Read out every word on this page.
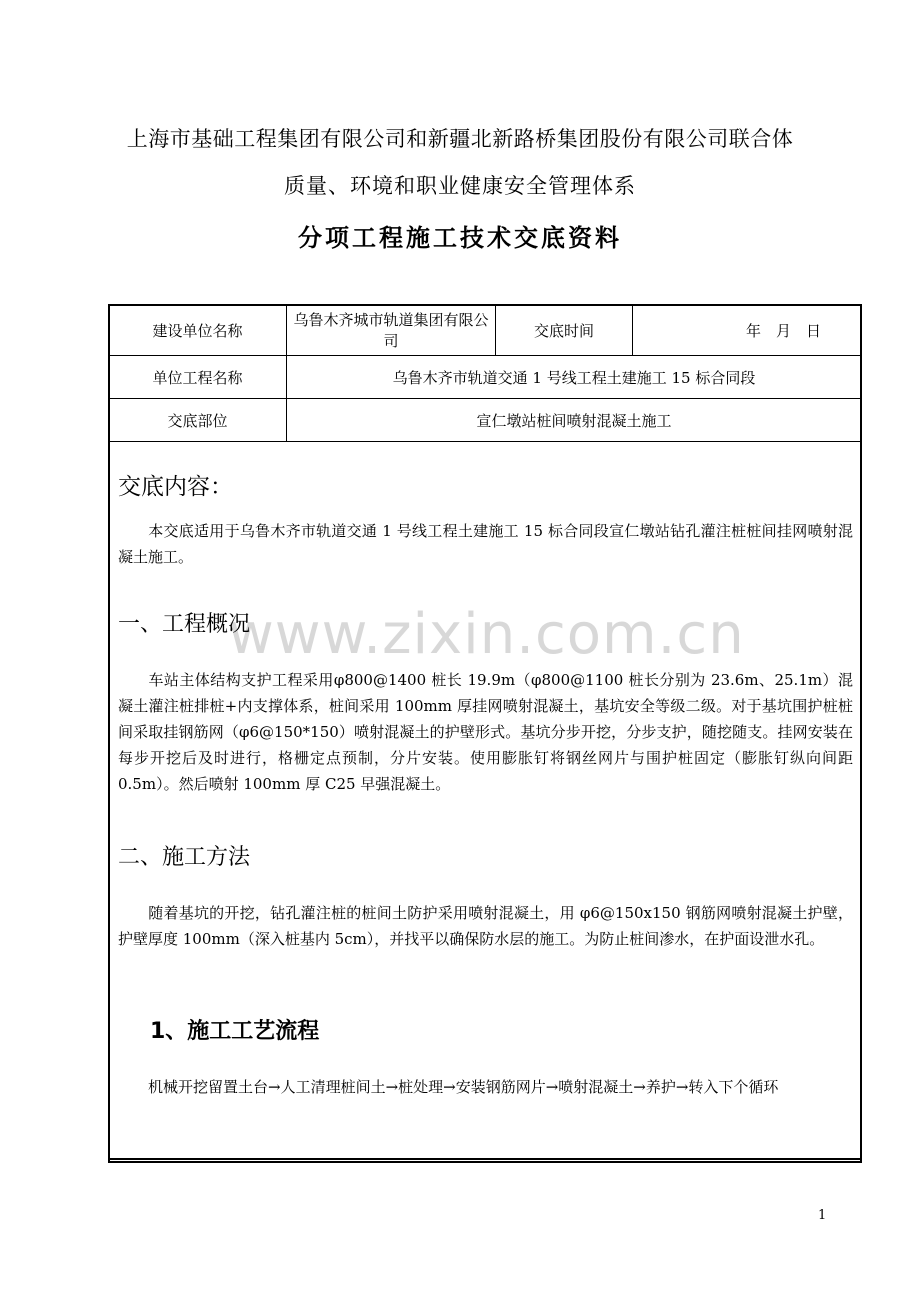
上海市基础工程集团有限公司和新疆北新路桥集团股份有限公司联合体
质量、环境和职业健康安全管理体系
分项工程施工技术交底资料
建设单位名称	乌鲁木齐城市轨道集团有限公司	交底时间	年　月　日
单位工程名称	乌鲁木齐市轨道交通 1 号线工程土建施工 15 标合同段		
交底部位	宣仁墩站桩间喷射混凝土施工		
www.zixin.com.cn
交底内容：
本交底适用于乌鲁木齐市轨道交通 1 号线工程土建施工 15 标合同段宣仁墩站钻孔灌注桩桩间挂网喷射混凝土施工。
一、工程概况
车站主体结构支护工程采用φ800@1400 桩长 19.9m（φ800@1100 桩长分别为 23.6m、25.1m）混凝土灌注桩排桩+内支撑体系，桩间采用 100mm 厚挂网喷射混凝土，基坑安全等级二级。对于基坑围护桩桩间采取挂钢筋网（φ6@150*150）喷射混凝土的护壁形式。基坑分步开挖，分步支护，随挖随支。挂网安装在每步开挖后及时进行，格栅定点预制，分片安装。使用膨胀钉将钢丝网片与围护桩固定（膨胀钉纵向间距 0.5m）。然后喷射 100mm 厚 C25 早强混凝土。
二、施工方法
随着基坑的开挖，钻孔灌注桩的桩间土防护采用喷射混凝土，用 φ6@150x150 钢筋网喷射混凝土护壁，护壁厚度 100mm（深入桩基内 5cm），并找平以确保防水层的施工。为防止桩间渗水，在护面设泄水孔。
1、施工工艺流程
机械开挖留置土台→人工清理桩间土→桩处理→安装钢筋网片→喷射混凝土→养护→转入下个循环
1
